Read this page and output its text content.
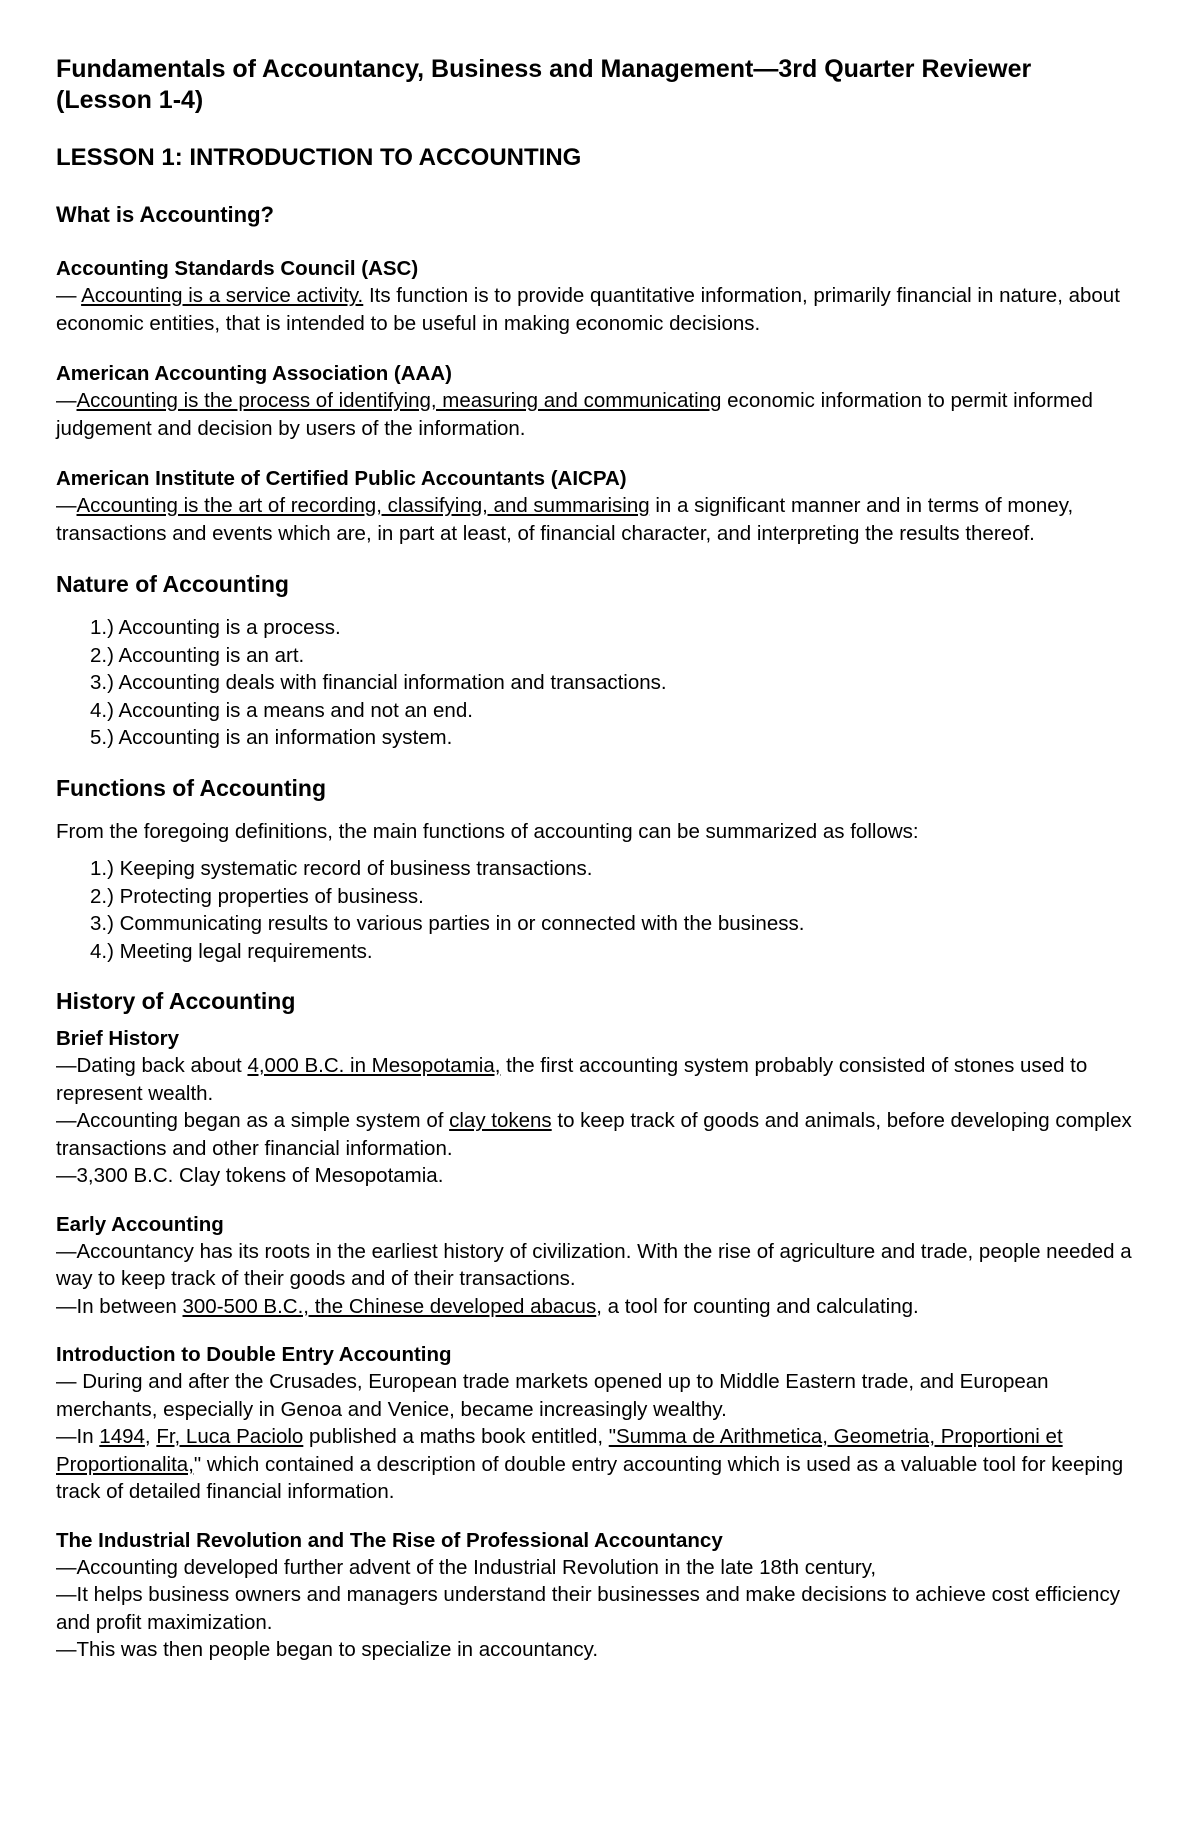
Fundamentals of Accountancy, Business and Management—3rd Quarter Reviewer
(Lesson 1-4)
LESSON 1: INTRODUCTION TO ACCOUNTING
What is Accounting?
Accounting Standards Council (ASC)

— Accounting is a service activity. Its function is to provide quantitative information, primarily financial in nature, about economic entities, that is intended to be useful in making economic decisions.

American Accounting Association (AAA)

—Accounting is the process of identifying, measuring and communicating economic information to permit informed judgement and decision by users of the information.

American Institute of Certified Public Accountants (AICPA)

—Accounting is the art of recording, classifying, and summarising in a significant manner and in terms of money, transactions and events which are, in part at least, of financial character, and interpreting the results thereof.

Nature of Accounting
1.) Accounting is a process.
2.) Accounting is an art.
3.) Accounting deals with financial information and transactions.
4.) Accounting is a means and not an end.
5.) Accounting is an information system.
Functions of Accounting

From the foregoing definitions, the main functions of accounting can be summarized as follows:

1.) Keeping systematic record of business transactions.
2.) Protecting properties of business.
3.) Communicating results to various parties in or connected with the business.
4.) Meeting legal requirements.
History of Accounting
Brief History

—Dating back about 4,000 B.C. in Mesopotamia, the first accounting system probably consisted of stones used to represent wealth.

—Accounting began as a simple system of clay tokens to keep track of goods and animals, before developing complex transactions and other financial information.

—3,300 B.C. Clay tokens of Mesopotamia.

Early Accounting

—Accountancy has its roots in the earliest history of civilization. With the rise of agriculture and trade, people needed a way to keep track of their goods and of their transactions.

—In between 300-500 B.C., the Chinese developed abacus, a tool for counting and calculating.

Introduction to Double Entry Accounting

— During and after the Crusades, European trade markets opened up to Middle Eastern trade, and European merchants, especially in Genoa and Venice, became increasingly wealthy.

—In 1494, Fr, Luca Paciolo published a maths book entitled, "Summa de Arithmetica, Geometria, Proportioni et Proportionalita," which contained a description of double entry accounting which is used as a valuable tool for keeping track of detailed financial information.

The Industrial Revolution and The Rise of Professional Accountancy

—Accounting developed further advent of the Industrial Revolution in the late 18th century,

—It helps business owners and managers understand their businesses and make decisions to achieve cost efficiency and profit maximization.

—This was then people began to specialize in accountancy.
